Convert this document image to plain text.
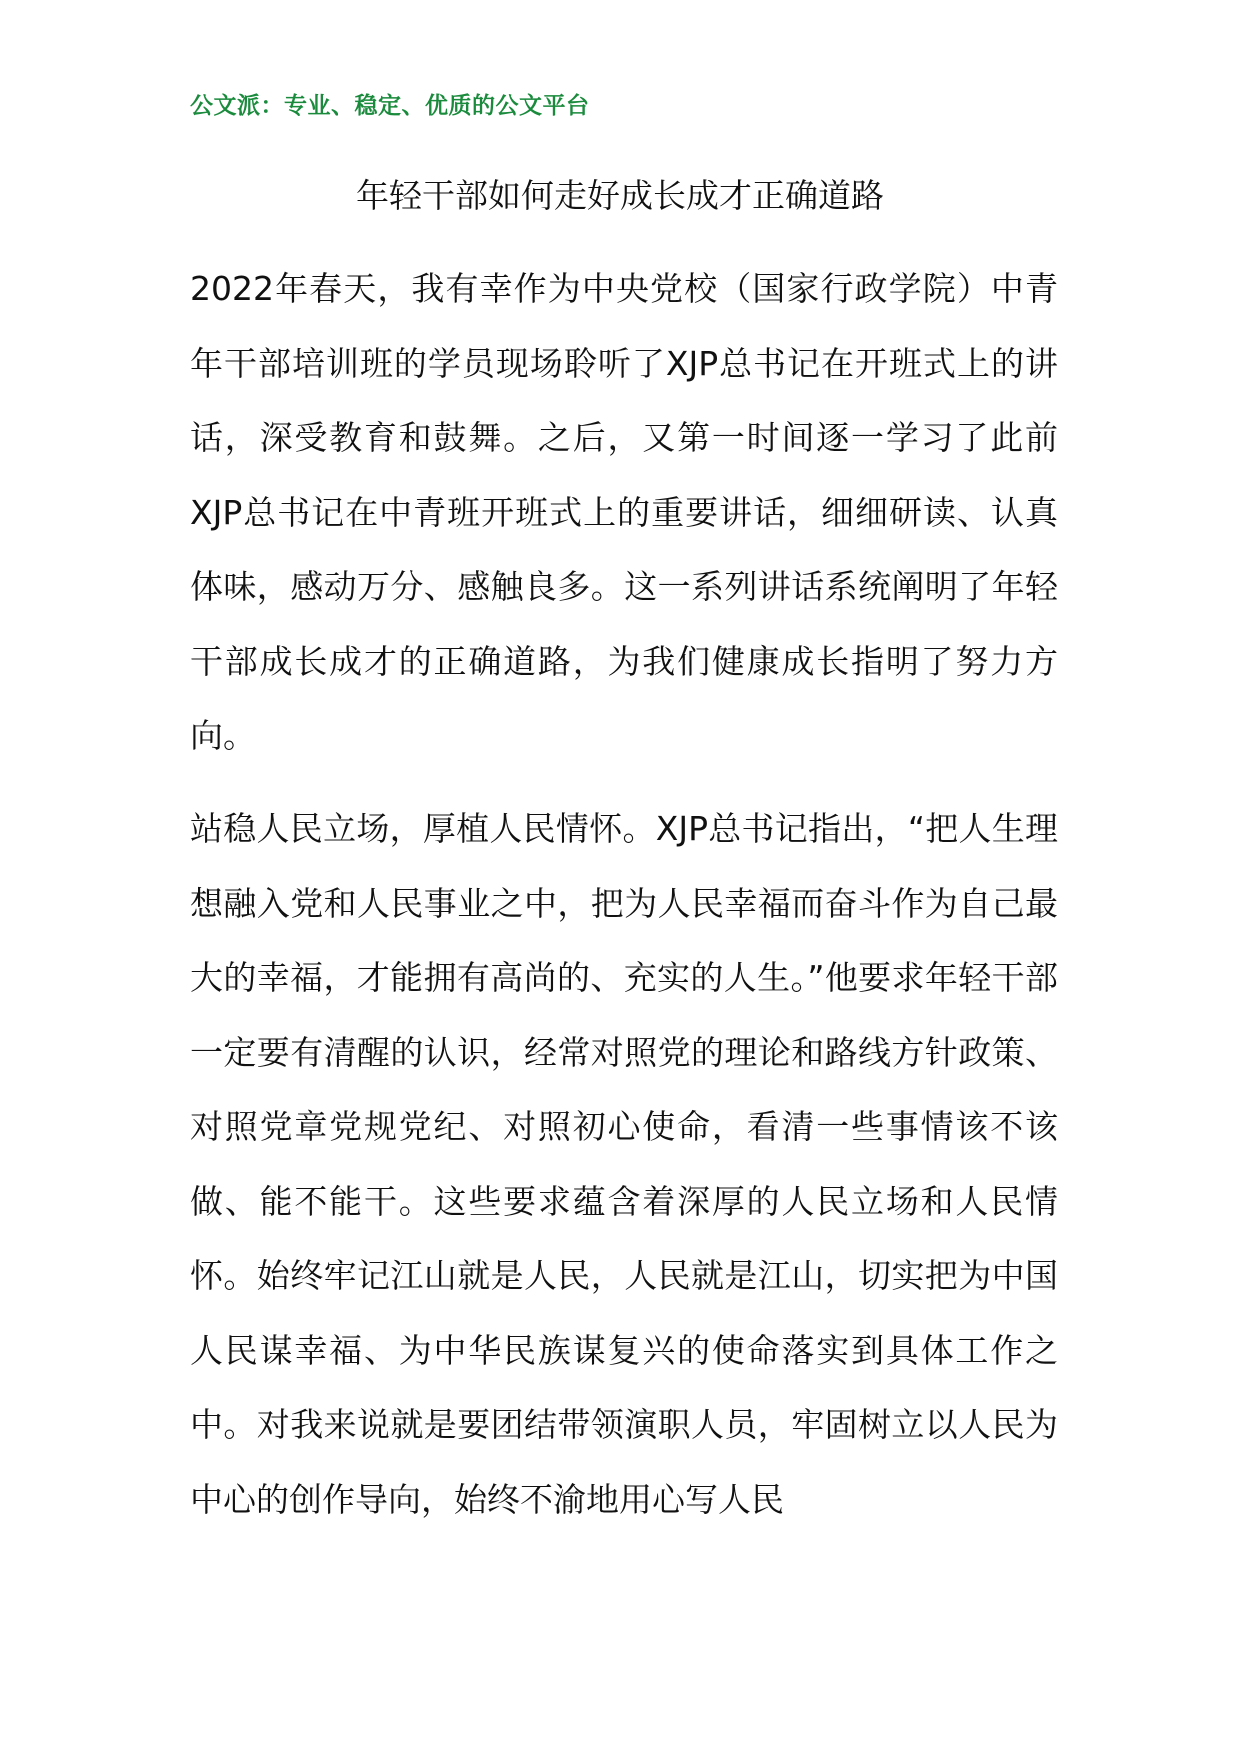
公文派：专业、稳定、优质的公文平台
年轻干部如何走好成长成才正确道路

2022年春天，我有幸作为中央党校（国家行政学院）中青年干部培训班的学员现场聆听了XJP总书记在开班式上的讲话，深受教育和鼓舞。之后，又第一时间逐一学习了此前XJP总书记在中青班开班式上的重要讲话，细细研读、认真体味，感动万分、感触良多。这一系列讲话系统阐明了年轻干部成长成才的正确道路，为我们健康成长指明了努力方向。

站稳人民立场，厚植人民情怀。XJP总书记指出，“把人生理想融入党和人民事业之中，把为人民幸福而奋斗作为自己最大的幸福，才能拥有高尚的、充实的人生。”他要求年轻干部一定要有清醒的认识，经常对照党的理论和路线方针政策、对照党章党规党纪、对照初心使命，看清一些事情该不该做、能不能干。这些要求蕴含着深厚的人民立场和人民情怀。始终牢记江山就是人民，人民就是江山，切实把为中国人民谋幸福、为中华民族谋复兴的使命落实到具体工作之中。对我来说就是要团结带领演职人员，牢固树立以人民为中心的创作导向，始终不渝地用心写人民
